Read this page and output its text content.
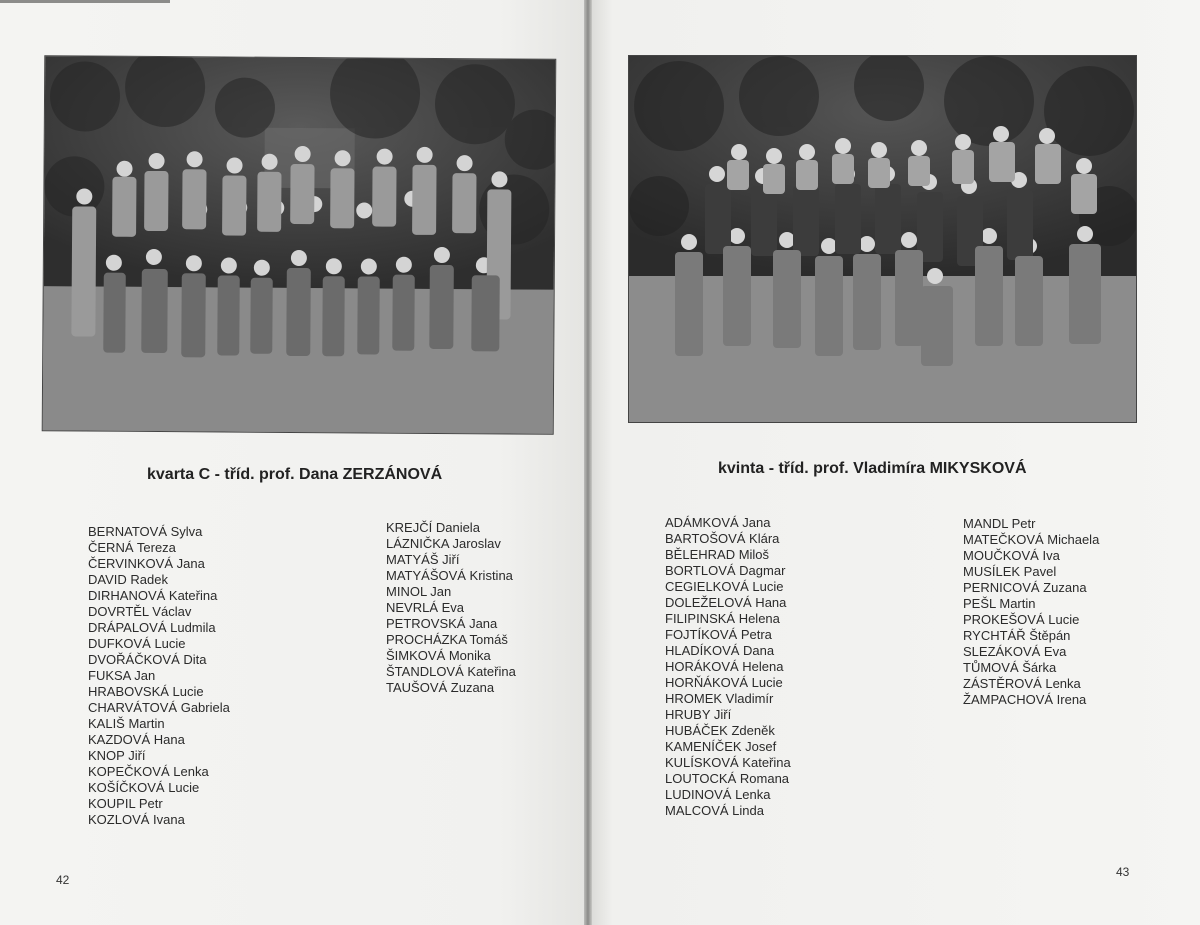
kvarta C - tříd. prof. Dana ZERZÁNOVÁ
BERNATOVÁ Sylva
ČERNÁ Tereza
ČERVINKOVÁ Jana
DAVID Radek
DIRHANOVÁ Kateřina
DOVRTĚL Václav
DRÁPALOVÁ Ludmila
DUFKOVÁ Lucie
DVOŘÁČKOVÁ Dita
FUKSA Jan
HRABOVSKÁ Lucie
CHARVÁTOVÁ Gabriela
KALIŠ Martin
KAZDOVÁ Hana
KNOP Jiří
KOPEČKOVÁ Lenka
KOŠÍČKOVÁ Lucie
KOUPIL Petr
KOZLOVÁ Ivana
KREJČÍ Daniela
LÁZNIČKA Jaroslav
MATYÁŠ Jiří
MATYÁŠOVÁ Kristina
MINOL Jan
NEVRLÁ Eva
PETROVSKÁ Jana
PROCHÁZKA Tomáš
ŠIMKOVÁ Monika
ŠTANDLOVÁ Kateřina
TAUŠOVÁ Zuzana
42
kvinta - tříd. prof. Vladimíra MIKYSKOVÁ
ADÁMKOVÁ Jana
BARTOŠOVÁ Klára
BĚLEHRAD Miloš
BORTLOVÁ Dagmar
CEGIELKOVÁ Lucie
DOLEŽELOVÁ Hana
FILIPINSKÁ Helena
FOJTÍKOVÁ Petra
HLADÍKOVÁ Dana
HORÁKOVÁ Helena
HORŇÁKOVÁ Lucie
HROMEK Vladimír
HRUBY Jiří
HUBÁČEK Zdeněk
KAMENÍČEK Josef
KULÍSKOVÁ Kateřina
LOUTOCKÁ Romana
LUDINOVÁ Lenka
MALCOVÁ Linda
MANDL Petr
MATEČKOVÁ Michaela
MOUČKOVÁ Iva
MUSÍLEK Pavel
PERNICOVÁ Zuzana
PEŠL Martin
PROKEŠOVÁ Lucie
RYCHTÁŘ Štěpán
SLEZÁKOVÁ Eva
TŮMOVÁ Šárka
ZÁSTĚROVÁ Lenka
ŽAMPACHOVÁ Irena
43
